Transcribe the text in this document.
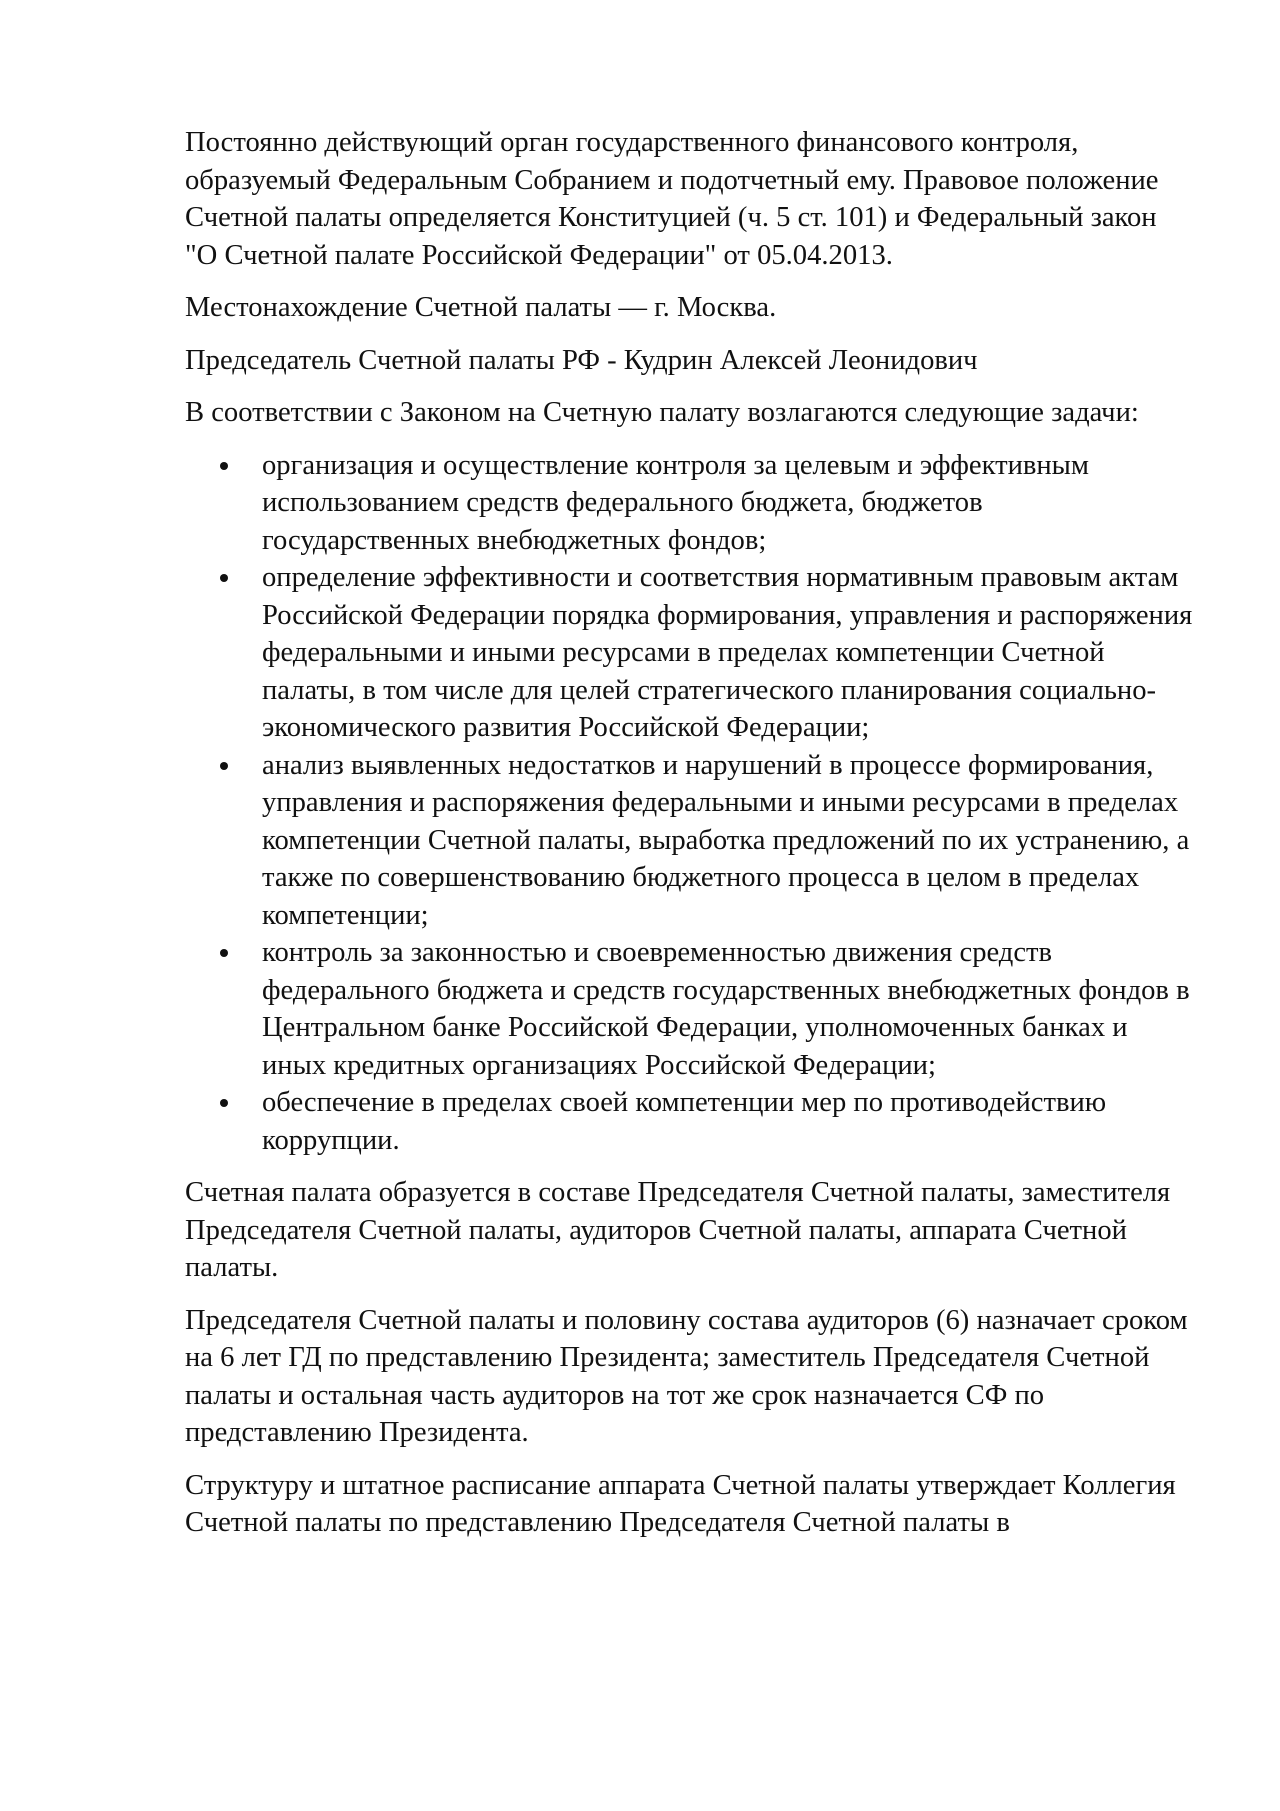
Постоянно действующий орган государственного финансового контроля, образуемый Федеральным Собранием и подотчетный ему. Правовое положение Счетной палаты определяется Конституцией (ч. 5 ст. 101) и Федеральный закон "О Счетной палате Российской Федерации" от 05.04.2013.

Местонахождение Счетной палаты — г. Москва.

Председатель Счетной палаты РФ - Кудрин Алексей Леонидович

В соответствии с Законом на Счетную палату возлагаются следующие задачи:

организация и осуществление контроля за целевым и эффективным использованием средств федерального бюджета, бюджетов государственных внебюджетных фондов;
определение эффективности и соответствия нормативным правовым актам Российской Федерации порядка формирования, управления и распоряжения федеральными и иными ресурсами в пределах компетенции Счетной палаты, в том числе для целей стратегического планирования социально-экономического развития Российской Федерации;
анализ выявленных недостатков и нарушений в процессе формирования, управления и распоряжения федеральными и иными ресурсами в пределах компетенции Счетной палаты, выработка предложений по их устранению, а также по совершенствованию бюджетного процесса в целом в пределах компетенции;
контроль за законностью и своевременностью движения средств федерального бюджета и средств государственных внебюджетных фондов в Центральном банке Российской Федерации, уполномоченных банках и иных кредитных организациях Российской Федерации;
обеспечение в пределах своей компетенции мер по противодействию коррупции.

Счетная палата образуется в составе Председателя Счетной палаты, заместителя Председателя Счетной палаты, аудиторов Счетной палаты, аппарата Счетной палаты.

Председателя Счетной палаты и половину состава аудиторов (6) назначает сроком на 6 лет ГД по представлению Президента; заместитель Председателя Счетной палаты и остальная часть аудиторов на тот же срок назначается СФ по представлению Президента.

Структуру и штатное расписание аппарата Счетной палаты утверждает Коллегия Счетной палаты по представлению Председателя Счетной палаты в
